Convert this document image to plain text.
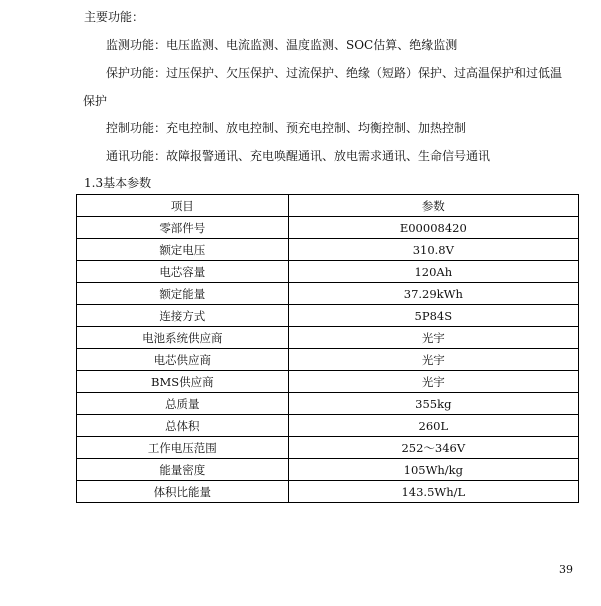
主要功能：
监测功能：电压监测、电流监测、温度监测、SOC估算、绝缘监测
保护功能：过压保护、欠压保护、过流保护、绝缘（短路）保护、过高温保护和过低温
保护
控制功能：充电控制、放电控制、预充电控制、均衡控制、加热控制
通讯功能：故障报警通讯、充电唤醒通讯、放电需求通讯、生命信号通讯
1.3基本参数
项目	参数
零部件号	E00008420
额定电压	310.8V
电芯容量	120Ah
额定能量	37.29kWh
连接方式	5P84S
电池系统供应商	光宇
电芯供应商	光宇
BMS供应商	光宇
总质量	355kg
总体积	260L
工作电压范围	252～346V
能量密度	105Wh/kg
体积比能量	143.5Wh/L
39
